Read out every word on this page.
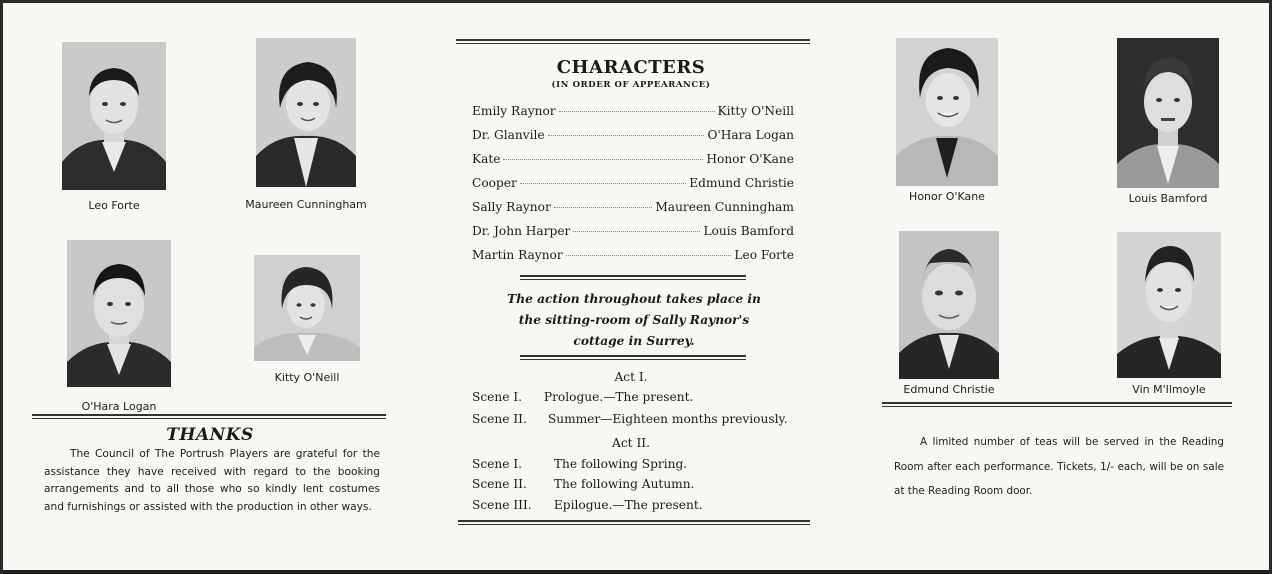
Leo Forte	Maureen Cunningham
O'Hara Logan
Kitty O'Neill
THANKS
The Council of The Portrush Players are grateful for the assistance they have received with regard to the booking arrangements and to all those who so kindly lent costumes and furnishings or assisted with the production in other ways.
CHARACTERS
(IN ORDER OF APPEARANCE)
Emily Raynor	Kitty O'Neill
Dr. Glanvile	O'Hara Logan
Kate	Honor O'Kane
Cooper	Edmund Christie
Sally Raynor	Maureen Cunningham
Dr. John Harper	Louis Bamford
Martin Raynor	Leo Forte
The action throughout takes place in
the sitting-room of Sally Raynor's
cottage in Surrey.
Act I.
Scene I. Prologue.—The present.
Scene II. Summer—Eighteen months previously.
Act II.
Scene I.	The following Spring.
Scene II. The following Autumn.
Scene III. Epilogue.—The present.
Honor O'Kane	Louis Bamford
Edmund Christie	Vin M'Ilmoyle
A limited number of teas will be served in the Reading Room after each performance. Tickets, 1/- each, will be on sale at the Reading Room door.
